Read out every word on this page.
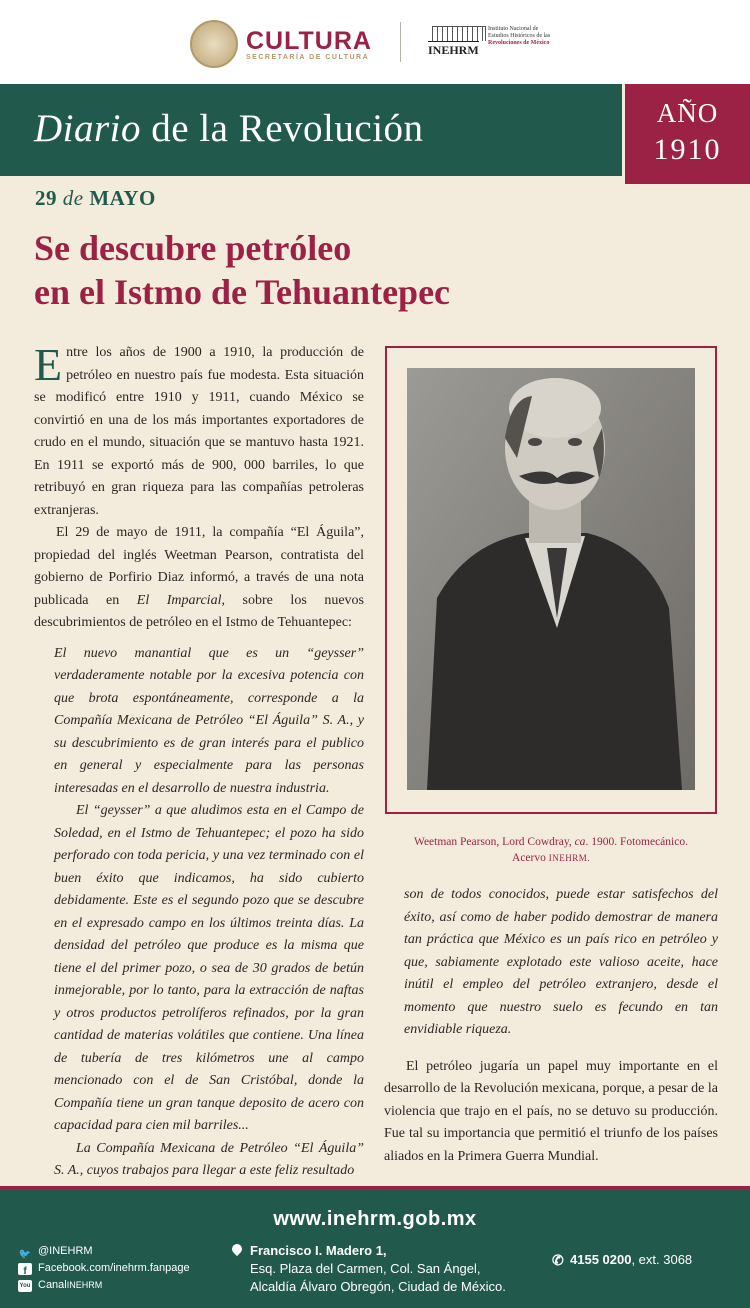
CULTURA
SECRETARÍA DE CULTURA	INEHRM
Instituto Nacional de
Estudios Históricos de las
Revoluciones de México
Diario de la Revolución	AÑO
1910
29 de MAYO
Se descubre petróleo
en el Istmo de Tehuantepec

Entre los años de 1900 a 1910, la producción de petróleo en nuestro país fue modesta. Esta situación se modificó entre 1910 y 1911, cuando México se convirtió en una de los más importantes exportadores de crudo en el mundo, situación que se mantuvo hasta 1921. En 1911 se exportó más de 900, 000 barriles, lo que retribuyó en gran riqueza para las compañías petroleras extranjeras.

El 29 de mayo de 1911, la compañía “El Águila”, propiedad del inglés Weetman Pearson, contratista del gobierno de Porfirio Diaz informó, a través de una nota publicada en El Imparcial, sobre los nuevos descubrimientos de petróleo en el Istmo de Tehuantepec:

El nuevo manantial que es un “geysser” verdaderamente notable por la excesiva potencia con que brota espontáneamente, corresponde a la Compañía Mexicana de Petróleo “El Águila” S. A., y su descubrimiento es de gran interés para el publico en general y especialmente para las personas interesadas en el desarrollo de nuestra industria.

El “geysser” a que aludimos esta en el Campo de Soledad, en el Istmo de Tehuantepec; el pozo ha sido perforado con toda pericia, y una vez terminado con el buen éxito que indicamos, ha sido cubierto debidamente. Este es el segundo pozo que se descubre en el expresado campo en los últimos treinta días. La densidad del petróleo que produce es la misma que tiene el del primer pozo, o sea de 30 grados de betún inmejorable, por lo tanto, para la extracción de naftas y otros productos petrolíferos refinados, por la gran cantidad de materias volátiles que contiene. Una línea de tubería de tres kilómetros une al campo mencionado con el de San Cristóbal, donde la Compañía tiene un gran tanque deposito de acero con capacidad para cien mil barriles...

La Compañía Mexicana de Petróleo “El Águila” S. A., cuyos trabajos para llegar a este feliz resultado

Weetman Pearson, Lord Cowdray, ca. 1900. Fotomecánico.
Acervo INEHRM.

son de todos conocidos, puede estar satisfechos del éxito, así como de haber podido demostrar de manera tan práctica que México es un país rico en petróleo y que, sabiamente explotado este valioso aceite, hace inútil el empleo del petróleo extranjero, desde el momento que nuestro suelo es fecundo en tan envidiable riqueza.

El petróleo jugaría un papel muy importante en el desarrollo de la Revolución mexicana, porque, a pesar de la violencia que trajo en el país, no se detuvo su producción. Fue tal su importancia que permitió el triunfo de los países aliados en la Primera Guerra Mundial.

www.inehrm.gob.mx
🐦 @INEHRM
f	Facebook.com/inehrm.fanpage
You Canal INEHRM
Francisco I. Madero 1,
Esq. Plaza del Carmen, Col. San Ángel,
Alcaldía Álvaro Obregón, Ciudad de México.
✆ 4155 0200, ext. 3068
